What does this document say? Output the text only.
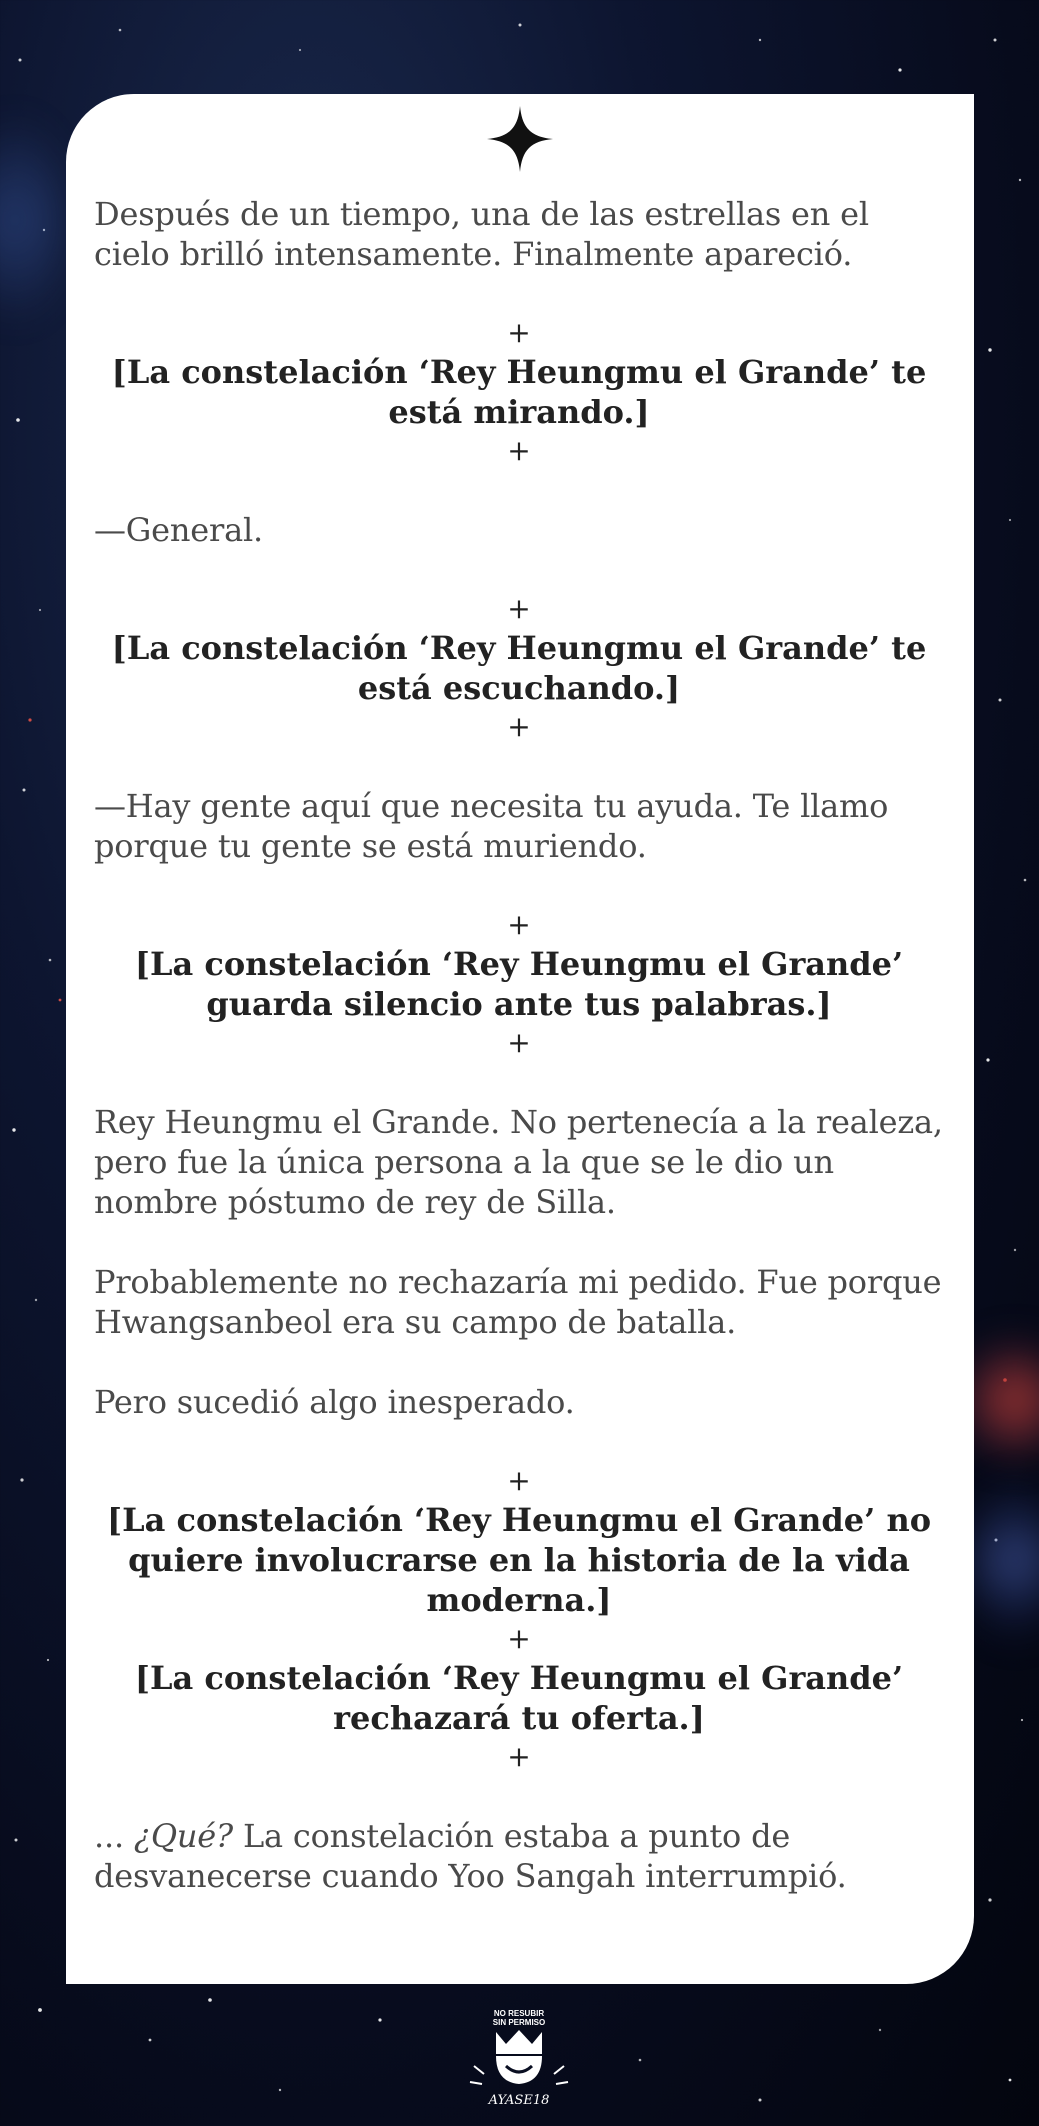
Después de un tiempo, una de las estrellas en el cielo brilló intensamente. Finalmente apareció.

+

[La constelación ‘Rey Heungmu el Grande’ te está mirando.]

+

—General.

+

[La constelación ‘Rey Heungmu el Grande’ te está escuchando.]

+

—Hay gente aquí que necesita tu ayuda. Te llamo porque tu gente se está muriendo.

+

[La constelación ‘Rey Heungmu el Grande’ guarda silencio ante tus palabras.]

+

Rey Heungmu el Grande. No pertenecía a la realeza, pero fue la única persona a la que se le dio un nombre póstumo de rey de Silla.

Probablemente no rechazaría mi pedido. Fue porque Hwangsanbeol era su campo de batalla.

Pero sucedió algo inesperado.

+

[La constelación ‘Rey Heungmu el Grande’ no quiere involucrarse en la historia de la vida moderna.]

+

[La constelación ‘Rey Heungmu el Grande’ rechazará tu oferta.]

+

... ¿Qué? La constelación estaba a punto de desvanecerse cuando Yoo Sangah interrumpió.

NO RESUBIR
SIN PERMISO
AYASE18
